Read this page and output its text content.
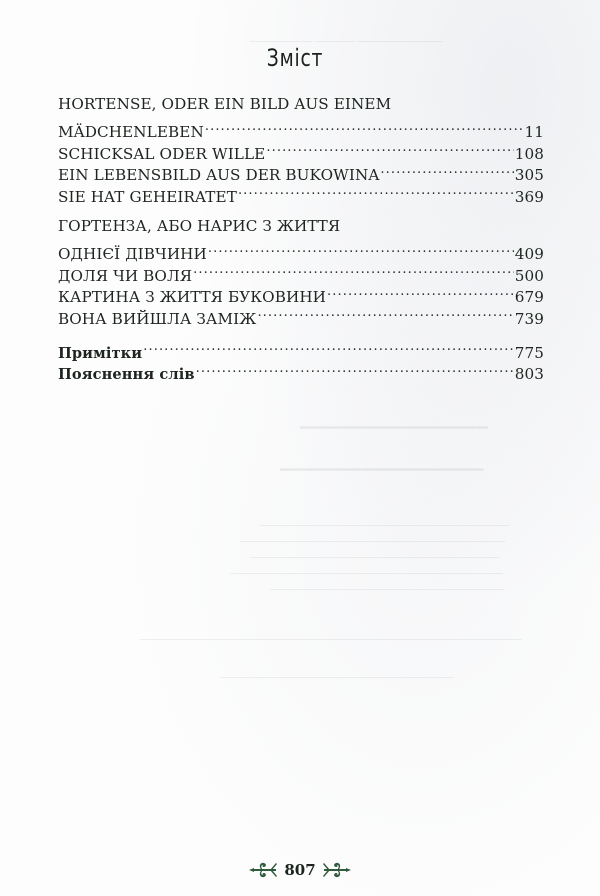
─────────── ───── ────────
━━━━━━━━━━━━━━━━━━━━━━━━
━━━━━━━━━━━━━━━━━━━━━━━━━━
────────────────────────────────
──────────────────────────────────
────────────────────────────────
───────────────────────────────────
──────────────────────────────
─────────────────────────────────────────────────
──────────────────────────────
Зміст
HORTENSE, ODER EIN BILD AUS EINEM
MÄDCHENLEBEN .....	11
SCHICKSAL ODER WILLE .....	108
EIN LEBENSBILD AUS DER BUKOWINA .....	305
SIE HAT GEHEIRATET .....	369
ГОРТЕНЗА, АБО НАРИС З ЖИТТЯ
ОДНІЄЇ ДІВЧИНИ .....	409
ДОЛЯ ЧИ ВОЛЯ .....	500
КАРТИНА З ЖИТТЯ БУКОВИНИ .....	679
ВОНА ВИЙШЛА ЗАМІЖ .....	739
Примітки .....	775
Пояснення слів .....	803
807
